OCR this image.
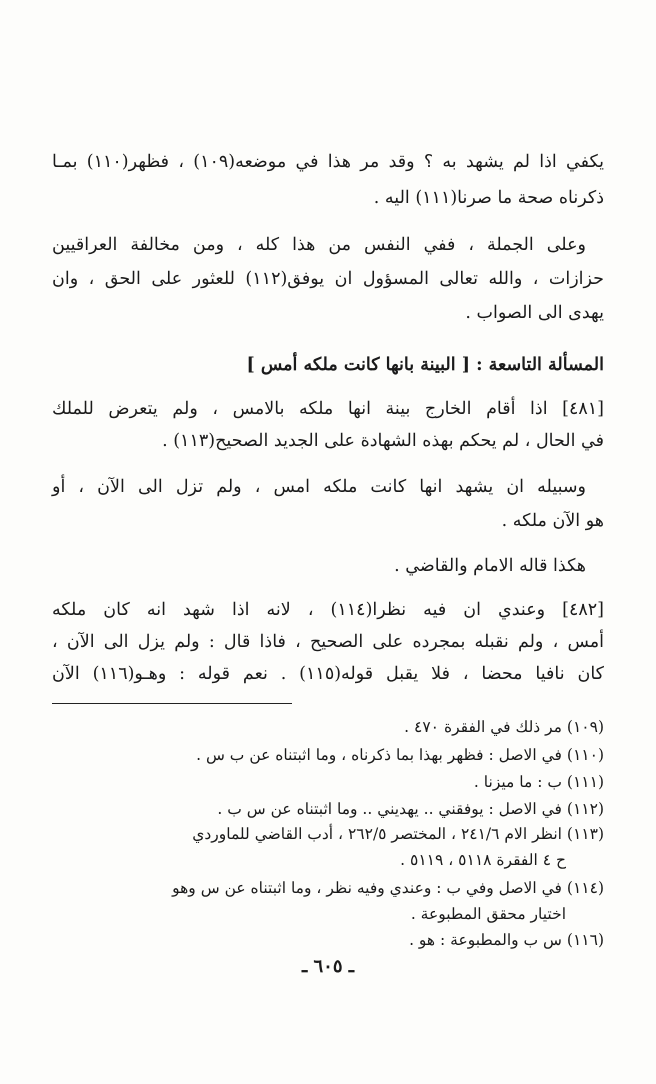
يكفي اذا لم يشهد به ؟ وقد مر هذا في موضعه(١٠٩) ، فظهر(١١٠) بمـا
ذكرناه صحة ما صرنا(١١١) اليه .
وعلى الجملة ، ففي النفس من هذا كله ، ومن مخالفة العراقيين
حزازات ، والله تعالى المسؤول ان يوفق(١١٢) للعثور على الحق ، وان
يهدى الى الصواب .
المسألة التاسعة : [ البينة بانها كانت ملكه أمس ]
[٤٨١] اذا أقام الخارج بينة انها ملكه بالامس ، ولم يتعرض للملك
في الحال ، لم يحكم بهذه الشهادة على الجديد الصحيح(١١٣) .
وسبيله ان يشهد انها كانت ملكه امس ، ولم تزل الى الآن ، أو
هو الآن ملكه .
هكذا قاله الامام والقاضي .
[٤٨٢] وعندي ان فيه نظرا(١١٤) ، لانه اذا شهد انه كان ملكه
أمس ، ولم نقبله بمجرده على الصحيح ، فاذا قال : ولم يزل الى الآن ،
كان نافيا محضا ، فلا يقبل قوله(١١٥) . نعم قوله : وهـو(١١٦) الآن
(١٠٩) مر ذلك في الفقرة ٤٧٠ .
(١١٠) في الاصل : فظهر بهذا بما ذكرناه ، وما اثبتناه عن ب س .
(١١١) ب : ما ميزنا .
(١١٢) في الاصل : يوفقني .. يهديني .. وما اثبتناه عن س ب .
(١١٣) انظر الام ٢٤١/٦ ، المختصر ٢٦٢/٥ ، أدب القاضي للماوردي
ح ٤ الفقرة ٥١١٨ ، ٥١١٩ .
(١١٤) في الاصل وفي ب : وعندي وفيه نظر ، وما اثبتناه عن س وهو
اختيار محقق المطبوعة .
(١١٦) س ب والمطبوعة : هو .
ـ ٦٠٥ ـ
